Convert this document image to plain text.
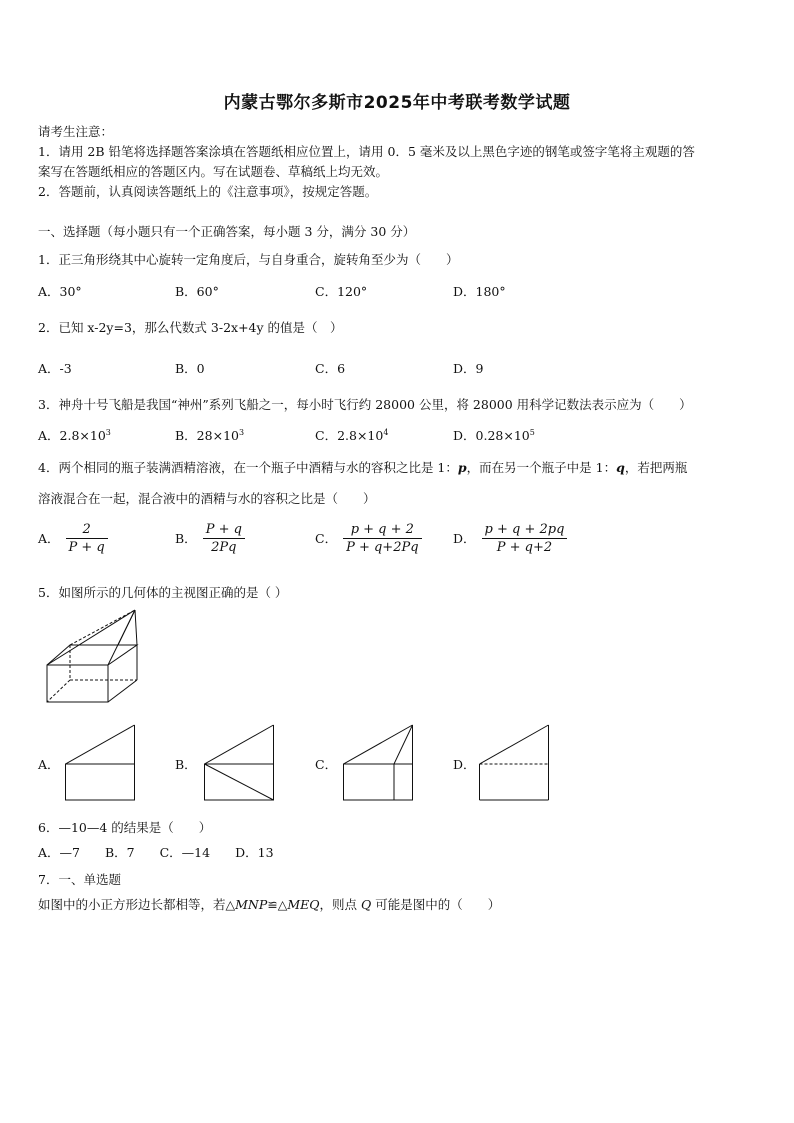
内蒙古鄂尔多斯市2025年中考联考数学试题
请考生注意：
1．请用 2B 铅笔将选择题答案涂填在答题纸相应位置上，请用 0．5 毫米及以上黑色字迹的钢笔或签字笔将主观题的答
案写在答题纸相应的答题区内。写在试题卷、草稿纸上均无效。
2．答题前，认真阅读答题纸上的《注意事项》，按规定答题。
一、选择题（每小题只有一个正确答案，每小题 3 分，满分 30 分）
1．正三角形绕其中心旋转一定角度后，与自身重合，旋转角至少为（　　）
A．30°	B．60°	C．120°	D．180°
2．已知 x-2y=3，那么代数式 3-2x+4y 的值是（　）
A．-3	B．0	C．6	D．9
3．神舟十号飞船是我国“神州”系列飞船之一，每小时飞行约 28000 公里，将 28000 用科学记数法表示应为（　　）
A．$2.8\times 10^3$	B．$28\times 10^3$	C．$2.8\times 10^4$	D．$0.28\times 10^5$
4．两个相同的瓶子装满酒精溶液，在一个瓶子中酒精与水的容积之比是 1：p，而在另一个瓶子中是 1：q，若把两瓶
溶液混合在一起，混合液中的酒精与水的容积之比是（　　）
A． $\frac{2}{P + q}$	B． $\frac{P + q}{2Pq}$	C． $\frac{p + q + 2}{P + q+2Pq}$	D． $\frac{p + q + 2pq}{P + q+2}$
5．如图所示的几何体的主视图正确的是（ ）
A．	B．	C．	D．
6．—10—4 的结果是（　　）
A．—7　　B．7　　C．—14　　D．13
7．一、单选题
如图中的小正方形边长都相等，若△MNP≌△MEQ，则点 Q 可能是图中的（　　）
